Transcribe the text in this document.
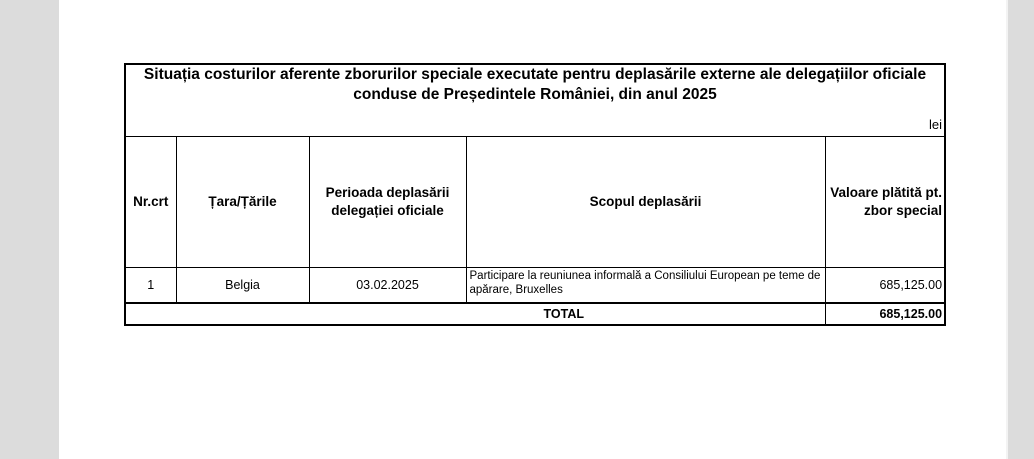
Situația costurilor aferente zborurilor speciale executate pentru deplasările externe ale delegațiilor oficiale conduse de Președintele României, din anul 2025
lei				

Nr.crt	Țara/Țările	Perioada deplasării delegației oficiale	Scopul deplasării	Valoare plătită pt. zbor special
1	Belgia	03.02.2025	Participare la reuniunea informală a Consiliului European pe teme de apărare, Bruxelles	685,125.00
TOTAL				685,125.00
